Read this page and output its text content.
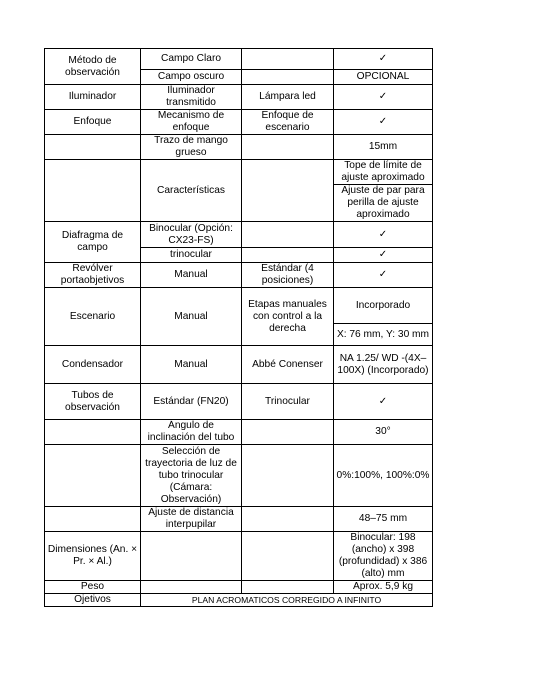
Método de observación	Campo Claro		✓
	Campo oscuro		OPCIONAL
Iluminador	Iluminador transmitido	Lámpara led	✓
Enfoque	Mecanismo de enfoque	Enfoque de escenario	✓
	Trazo de mango grueso		15mm
	Características		Tope de límite de ajuste aproximado
			Ajuste de par para perilla de ajuste aproximado
Diafragma de campo	Binocular (Opción: CX23-FS)		✓
	trinocular		✓
Revólver portaobjetivos	Manual	Estándar (4 posiciones)	✓
Escenario	Manual	Etapas manuales con control a la derecha	Incorporado
			X: 76 mm, Y: 30 mm
Condensador	Manual	Abbé Conenser	NA 1.25/ WD -(4X–100X) (Incorporado)
Tubos de observación	Estándar (FN20)	Trinocular	✓
	Ángulo de inclinación del tubo		30°
	Selección de trayectoria de luz de tubo trinocular (Cámara: Observación)		0%:100%, 100%:0%
	Ajuste de distancia interpupilar		48–75 mm
Dimensiones (An. × Pr. × Al.)			Binocular: 198 (ancho) x 398 (profundidad) x 386 (alto) mm
Peso			Aprox. 5,9 kg
Ojetivos	PLAN ACROMATICOS CORREGIDO A INFINITO		
